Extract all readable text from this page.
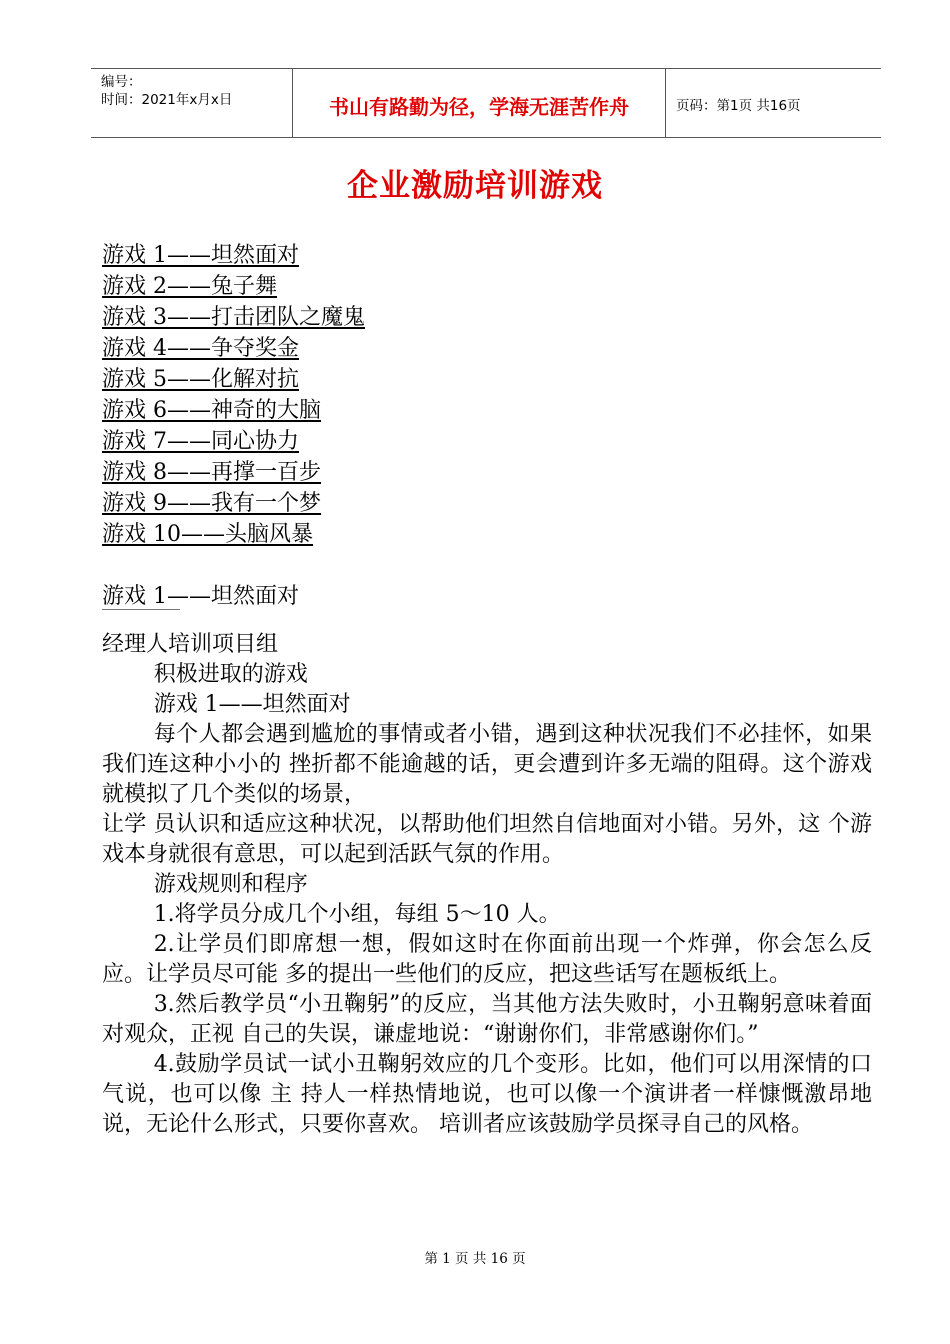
编号：
时间：2021年x月x日	书山有路勤为径，学海无涯苦作舟	页码：第1页 共16页
企业激励培训游戏
游戏 1——坦然面对
游戏 2——兔子舞
游戏 3——打击团队之魔鬼
游戏 4——争夺奖金
游戏 5——化解对抗
游戏 6——神奇的大脑
游戏 7——同心协力
游戏 8——再撑一百步
游戏 9——我有一个梦
游戏 10——头脑风暴
游戏 1——坦然面对

经理人培训项目组

积极进取的游戏

游戏 1——坦然面对

每个人都会遇到尴尬的事情或者小错，遇到这种状况我们不必挂怀，如果我们连这种小小的 挫折都不能逾越的话，更会遭到许多无端的阻碍。这个游戏就模拟了几个类似的场景，

让学 员认识和适应这种状况，以帮助他们坦然自信地面对小错。另外，这 个游戏本身就很有意思，可以起到活跃气氛的作用。

游戏规则和程序

1.将学员分成几个小组，每组 5～10 人。

2.让学员们即席想一想，假如这时在你面前出现一个炸弹，你会怎么反应。让学员尽可能 多的提出一些他们的反应，把这些话写在题板纸上。

3.然后教学员“小丑鞠躬”的反应，当其他方法失败时，小丑鞠躬意味着面对观众，正视 自己的失误，谦虚地说：“谢谢你们，非常感谢你们。”

4.鼓励学员试一试小丑鞠躬效应的几个变形。比如，他们可以用深情的口气说，也可以像 主 持人一样热情地说，也可以像一个演讲者一样慷慨激昂地说，无论什么形式，只要你喜欢。 培训者应该鼓励学员探寻自己的风格。

第 1 页 共 16 页
